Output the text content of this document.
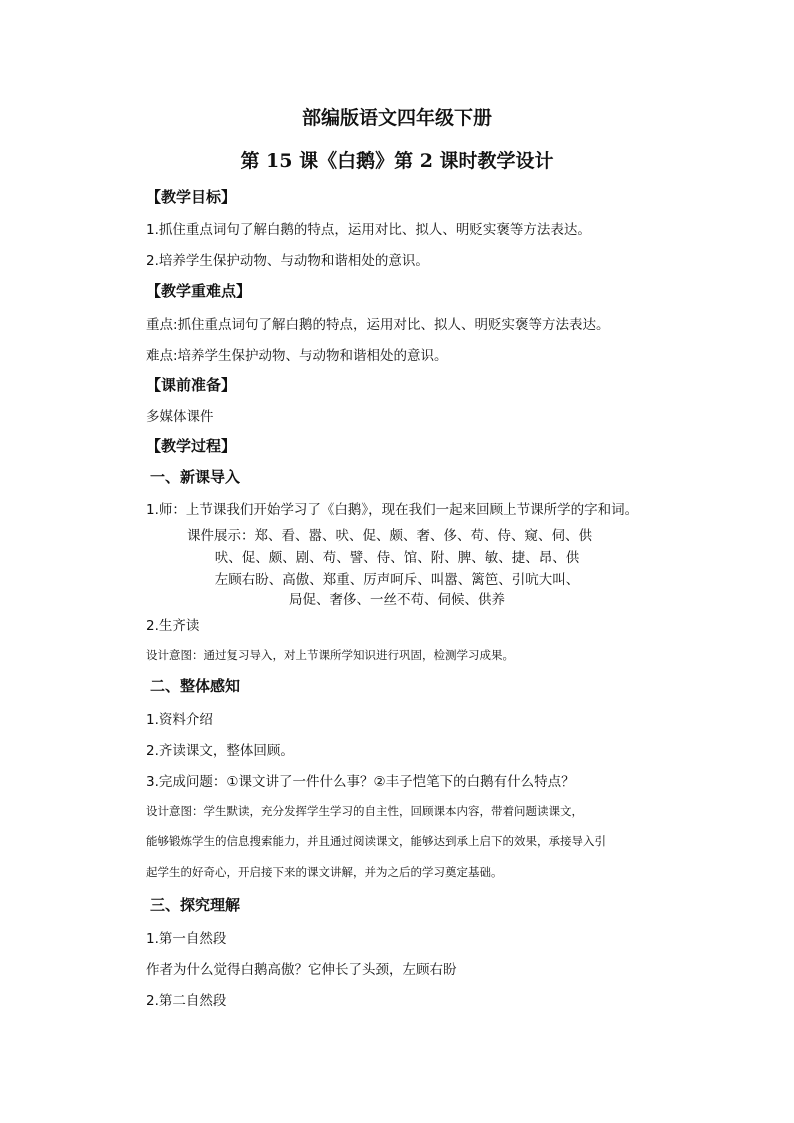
部编版语文四年级下册
第 15 课《白鹅》第 2 课时教学设计
【教学目标】
1.抓住重点词句了解白鹅的特点，运用对比、拟人、明贬实褒等方法表达。
2.培养学生保护动物、与动物和谐相处的意识。
【教学重难点】
重点:抓住重点词句了解白鹅的特点，运用对比、拟人、明贬实褒等方法表达。
难点:培养学生保护动物、与动物和谐相处的意识。
【课前准备】
多媒体课件
【教学过程】
一、新课导入
1.师：上节课我们开始学习了《白鹅》，现在我们一起来回顾上节课所学的字和词。
课件展示：郑、看、嚣、吠、促、颇、奢、侈、苟、侍、窥、伺、供
吠、促、颇、剧、苟、譬、侍、馆、附、脾、敏、捷、昂、供
左顾右盼、高傲、郑重、厉声呵斥、叫嚣、篱笆、引吭大叫、
局促、奢侈、一丝不苟、伺候、供养
2.生齐读
设计意图：通过复习导入，对上节课所学知识进行巩固，检测学习成果。
二、整体感知
1.资料介绍
2.齐读课文，整体回顾。
3.完成问题：①课文讲了一件什么事？②丰子恺笔下的白鹅有什么特点？
设计意图：学生默读，充分发挥学生学习的自主性，回顾课本内容，带着问题读课文，
能够锻炼学生的信息搜索能力，并且通过阅读课文，能够达到承上启下的效果，承接导入引
起学生的好奇心，开启接下来的课文讲解，并为之后的学习奠定基础。
三、探究理解
1.第一自然段
作者为什么觉得白鹅高傲？它伸长了头颈，左顾右盼
2.第二自然段
